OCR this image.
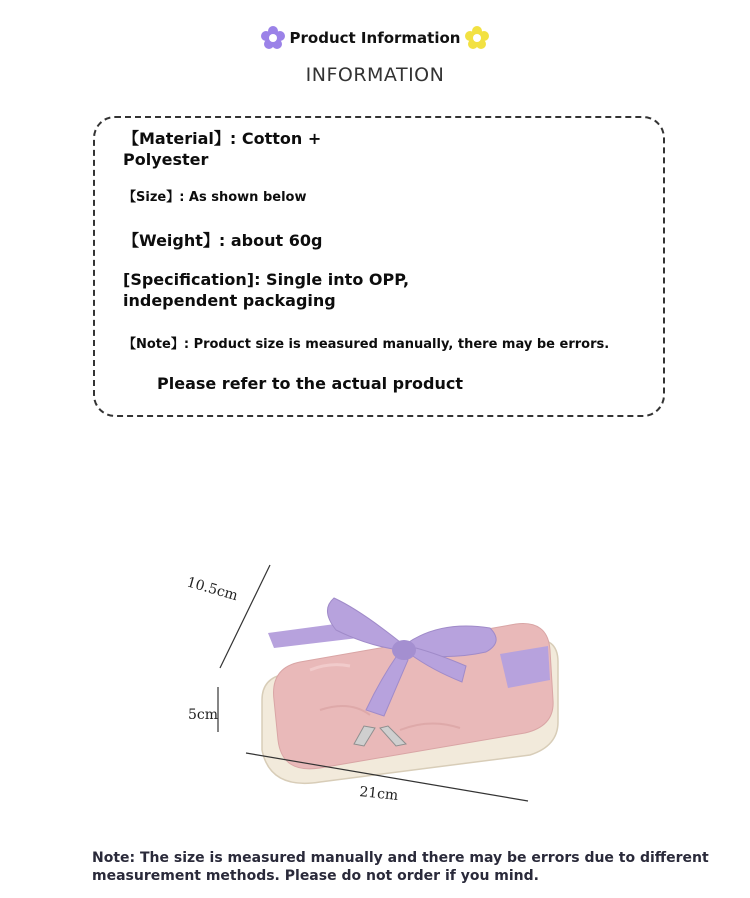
Product Information
INFORMATION
【Material】: Cotton +
Polyester
【Size】: As shown below
【Weight】: about 60g
[Specification]: Single into OPP,
independent packaging
【Note】: Product size is measured manually, there may be errors.
Please refer to the actual product
10.5cm
5cm
21cm
Note: The size is measured manually and there may be errors due to different
measurement methods. Please do not order if you mind.
